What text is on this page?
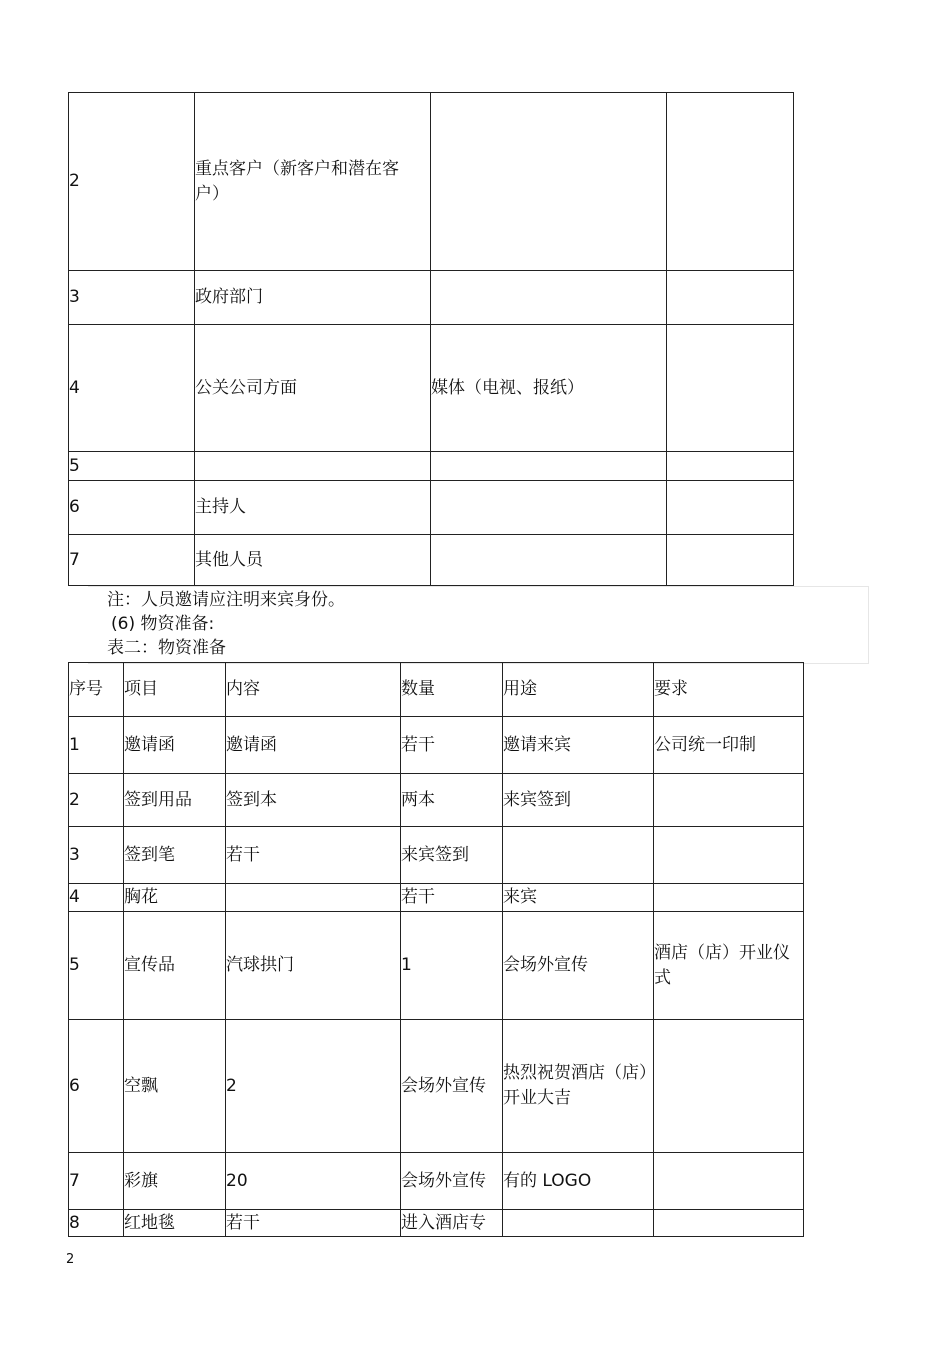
2	重点客户（新客户和潜在客户）		
3	政府部门		
4	公关公司方面	媒体（电视、报纸）	
5			
6	主持人		
7	其他人员		
注：人员邀请应注明来宾身份。
(6) 物资准备:
表二：物资准备
序号	项目	内容	数量	用途	要求
1	邀请函	邀请函	若干	邀请来宾	公司统一印制
2	签到用品	签到本	两本	来宾签到	
3	签到笔	若干	来宾签到		
4	胸花		若干	来宾	
5	宣传品	汽球拱门	1	会场外宣传	酒店（店）开业仪式
6	空飘	2	会场外宣传	热烈祝贺酒店（店）开业大吉	
7	彩旗	20	会场外宣传	有的 LOGO	
8	红地毯	若干	进入酒店专		
2
